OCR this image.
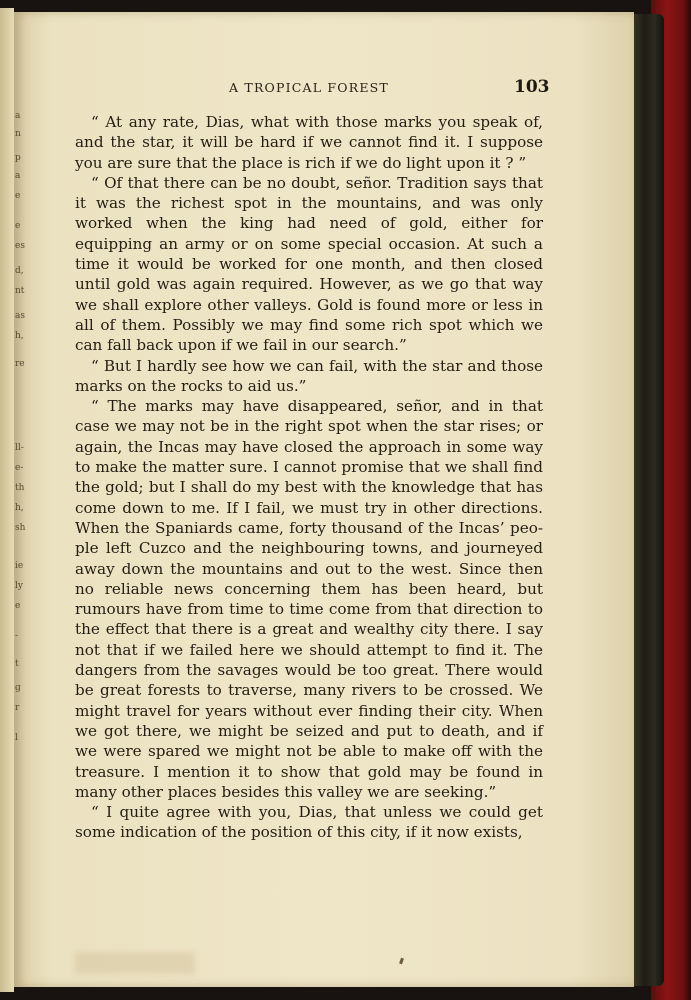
a
n
p
a
e
e
es
d,
nt
as
h,
re
ll-
e-
th
h,
sh
ie
ly
e
-
t
g
r
l
A TROPICAL FOREST	103

“ At any rate, Dias, what with those marks you speak of, and the star, it will be hard if we cannot find it. I suppose you are sure that the place is rich if we do light upon it ? ”

“ Of that there can be no doubt, señor. Tradition says that it was the richest spot in the mountains, and was only worked when the king had need of gold, either for equipping an army or on some special occasion. At such a time it would be worked for one month, and then closed until gold was again required. However, as we go that way we shall explore other valleys. Gold is found more or less in all of them. Possibly we may find some rich spot which we can fall back upon if we fail in our search.”

“ But I hardly see how we can fail, with the star and those marks on the rocks to aid us.”

“ The marks may have disappeared, señor, and in that case we may not be in the right spot when the star rises; or again, the Incas may have closed the approach in some way to make the matter sure. I cannot promise that we shall find the gold; but I shall do my best with the knowledge that has come down to me. If I fail, we must try in other directions. When the Spaniards came, forty thousand of the Incas’ people left Cuzco and the neighbouring towns, and journeyed away down the mountains and out to the west. Since then no reliable news concerning them has been heard, but rumours have from time to time come from that direction to the effect that there is a great and wealthy city there. I say not that if we failed here we should attempt to find it. The dangers from the savages would be too great. There would be great forests to traverse, many rivers to be crossed. We might travel for years without ever finding their city. When we got there, we might be seized and put to death, and if we were spared we might not be able to make off with the treasure. I mention it to show that gold may be found in many other places besides this valley we are seeking.”

“ I quite agree with you, Dias, that unless we could get some indication of the position of this city, if it now exists,
